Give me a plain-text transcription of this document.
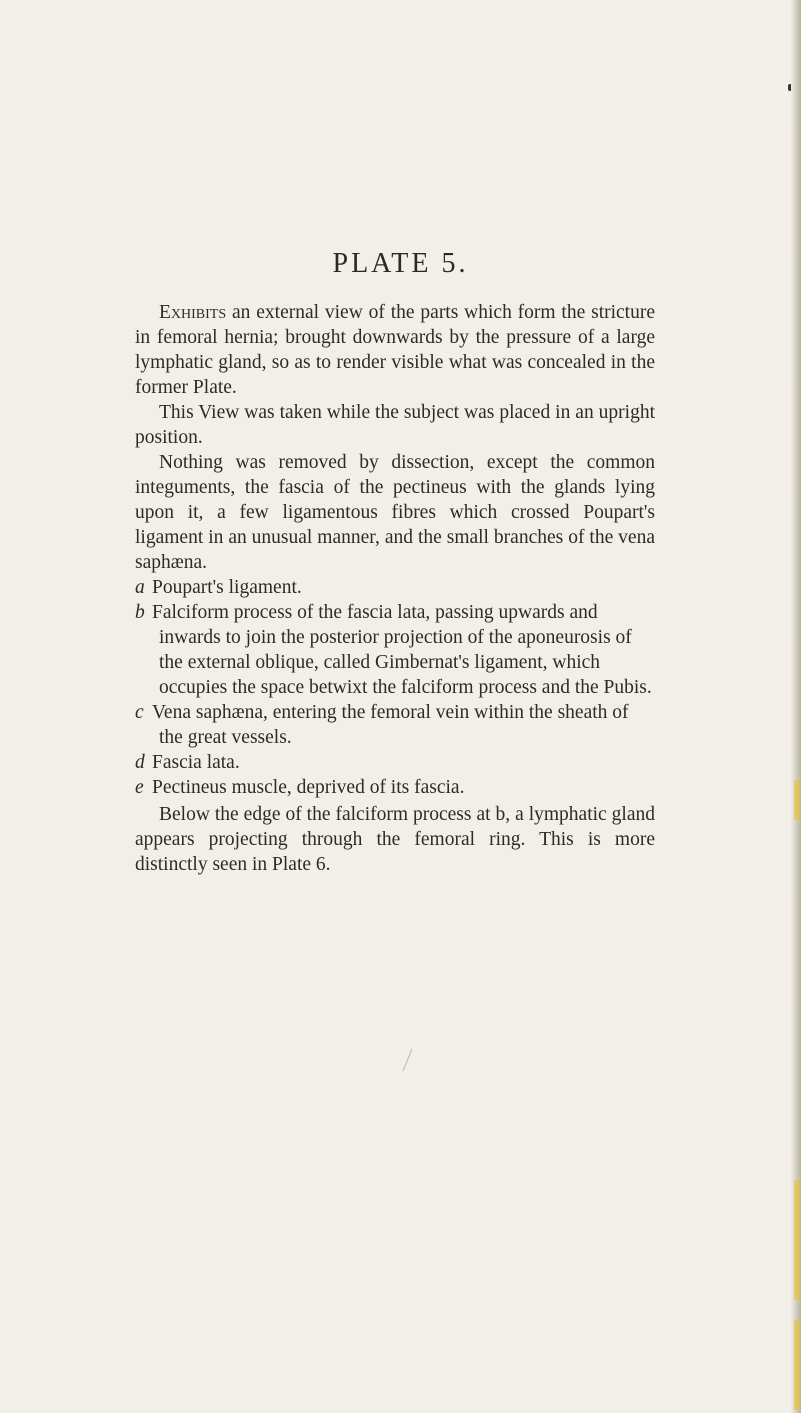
PLATE 5.

Exhibits an external view of the parts which form the stricture in femoral hernia; brought downwards by the pressure of a large lymphatic gland, so as to render visible what was concealed in the former Plate.

This View was taken while the subject was placed in an upright position.

Nothing was removed by dissection, except the common integuments, the fascia of the pectineus with the glands lying upon it, a few ligamentous fibres which crossed Poupart's ligament in an unusual manner, and the small branches of the vena saphæna.

a Poupart's ligament.

b Falciform process of the fascia lata, passing upwards and inwards to join the posterior projection of the aponeurosis of the external oblique, called Gimbernat's ligament, which occupies the space betwixt the falciform process and the Pubis.

c Vena saphæna, entering the femoral vein within the sheath of the great vessels.

d Fascia lata.

e Pectineus muscle, deprived of its fascia.

Below the edge of the falciform process at b, a lymphatic gland appears projecting through the femoral ring. This is more distinctly seen in Plate 6.
